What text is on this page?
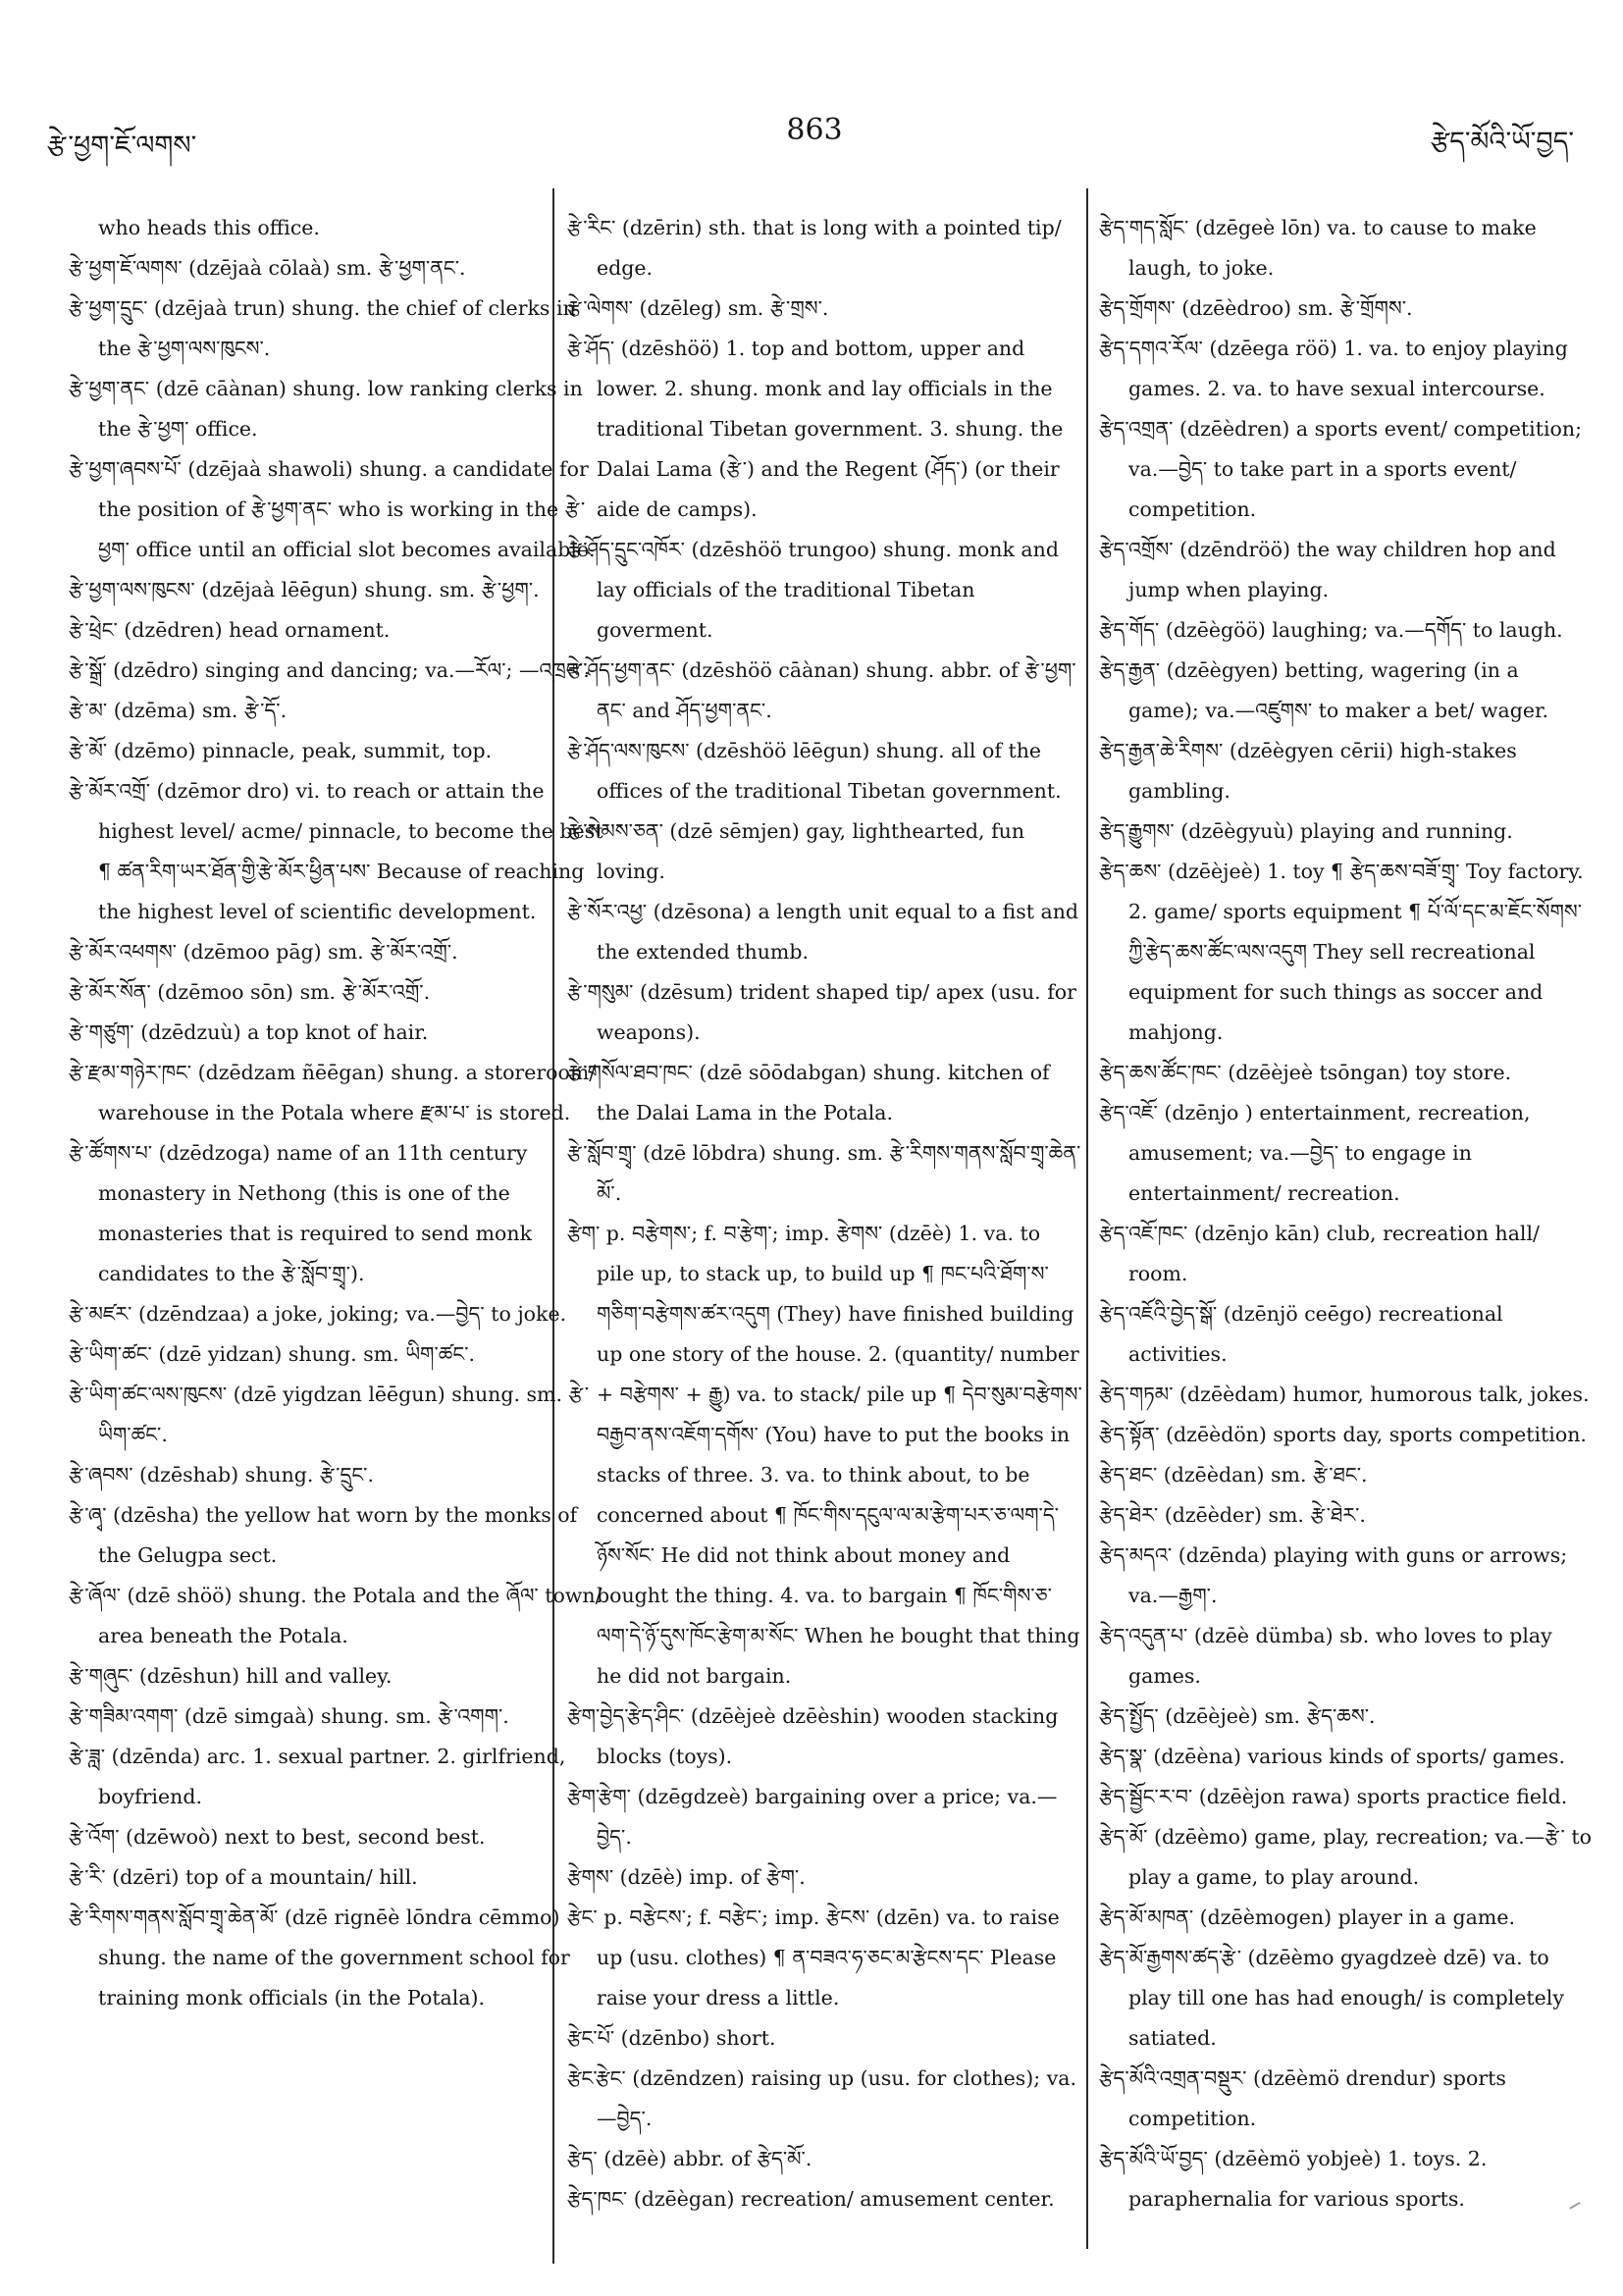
རྩེ་ཕྱག་ཇོ་ལགས་	863	རྩེད་མོའི་ཡོ་བྱད་

who heads this office.

རྩེ་ཕྱག་ཇོ་ལགས་ (dzējaà cōlaà) sm. རྩེ་ཕྱག་ནང་.

རྩེ་ཕྱག་དྲུང་ (dzējaà trun) shung. the chief of clerks in the རྩེ་ཕྱག་ལས་ཁུངས་.

རྩེ་ཕྱག་ནང་ (dzē cāànan) shung. low ranking clerks in the རྩེ་ཕྱག་ office.

རྩེ་ཕྱག་ཞབས་པོ་ (dzējaà shawoli) shung. a candidate for the position of རྩེ་ཕྱག་ནང་ who is working in the རྩེ་ཕྱག་ office until an official slot becomes available.

རྩེ་ཕྱག་ལས་ཁུངས་ (dzējaà lēēgun) shung. sm. རྩེ་ཕྱག་.

རྩེ་ཕྲེང་ (dzēdren) head ornament.

རྩེ་སྒྲོ་ (dzēdro) singing and dancing; va.—རོལ་; —འཁྲབ་.

རྩེ་མ་ (dzēma) sm. རྩེ་དོ་.

རྩེ་མོ་ (dzēmo) pinnacle, peak, summit, top.

རྩེ་མོར་འགྲོ་ (dzēmor dro) vi. to reach or attain the highest level/ acme/ pinnacle, to become the best ¶ ཚན་རིག་ཡར་ཐོན་གྱི་རྩེ་མོར་ཕྱིན་པས་ Because of reaching the highest level of scientific development.

རྩེ་མོར་འཕགས་ (dzēmoo pāg) sm. རྩེ་མོར་འགྲོ་.

རྩེ་མོར་སོན་ (dzēmoo sōn) sm. རྩེ་མོར་འགྲོ་.

རྩེ་གཙུག་ (dzēdzuù) a top knot of hair.

རྩེ་རྫམ་གཉེར་ཁང་ (dzēdzam ñēēgan) shung. a storeroom/ warehouse in the Potala where རྫམ་པ་ is stored.

རྩེ་ཚོགས་པ་ (dzēdzoga) name of an 11th century monastery in Nethong (this is one of the monasteries that is required to send monk candidates to the རྩེ་སློབ་གྲྭ་).

རྩེ་མཛར་ (dzēndzaa) a joke, joking; va.—བྱེད་ to joke.

རྩེ་ཡིག་ཚང་ (dzē yidzan) shung. sm. ཡིག་ཚང་.

རྩེ་ཡིག་ཚང་ལས་ཁུངས་ (dzē yigdzan lēēgun) shung. sm. རྩེ་ཡིག་ཚང་.

རྩེ་ཞབས་ (dzēshab) shung. རྩེ་དྲུང་.

རྩེ་ཞྭ་ (dzēsha) the yellow hat worn by the monks of the Gelugpa sect.

རྩེ་ཞོལ་ (dzē shöö) shung. the Potala and the ཞོལ་ town/ area beneath the Potala.

རྩེ་གཞུང་ (dzēshun) hill and valley.

རྩེ་གཟིམ་འགག་ (dzē simgaà) shung. sm. རྩེ་འགག་.

རྩེ་ཟླ་ (dzēnda) arc. 1. sexual partner. 2. girlfriend, boyfriend.

རྩེ་འོག་ (dzēwoò) next to best, second best.

རྩེ་རི་ (dzēri) top of a mountain/ hill.

རྩེ་རིགས་གནས་སློབ་གྲྭ་ཆེན་མོ་ (dzē rignēè lōndra cēmmo) shung. the name of the government school for training monk officials (in the Potala).

རྩེ་རིང་ (dzērin) sth. that is long with a pointed tip/ edge.

རྩེ་ལེགས་ (dzēleg) sm. རྩེ་གྲས་.

རྩེ་ཤོད་ (dzēshöö) 1. top and bottom, upper and lower. 2. shung. monk and lay officials in the traditional Tibetan government. 3. shung. the Dalai Lama (རྩེ་) and the Regent (ཤོད་) (or their aide de camps).

རྩེ་ཤོད་དྲུང་འཁོར་ (dzēshöö trungoo) shung. monk and lay officials of the traditional Tibetan goverment.

རྩེ་ཤོད་ཕྱག་ནང་ (dzēshöö cāànan) shung. abbr. of རྩེ་ཕྱག་ནང་ and ཤོད་ཕྱག་ནང་.

རྩེ་ཤོད་ལས་ཁུངས་ (dzēshöö lēēgun) shung. all of the offices of the traditional Tibetan government.

རྩེ་སེམས་ཅན་ (dzē sēmjen) gay, lighthearted, fun loving.

རྩེ་སོར་འཕྱ་ (dzēsona) a length unit equal to a fist and the extended thumb.

རྩེ་གསུམ་ (dzēsum) trident shaped tip/ apex (usu. for weapons).

རྩེ་གསོལ་ཐབ་ཁང་ (dzē sōōdabgan) shung. kitchen of the Dalai Lama in the Potala.

རྩེ་སློབ་གྲྭ་ (dzē lōbdra) shung. sm. རྩེ་རིགས་གནས་སློབ་གྲྭ་ཆེན་མོ་.

རྩེག་ p. བརྩེགས་; f. བ་རྩེག་; imp. རྩེགས་ (dzēè) 1. va. to pile up, to stack up, to build up ¶ ཁང་པའི་ཐོག་ས་གཅིག་བརྩེགས་ཚར་འདུག (They) have finished building up one story of the house. 2. (quantity/ number + བརྩེགས་ + རྒྱུ) va. to stack/ pile up ¶ དེབ་སུམ་བརྩེགས་བརྒྱབ་ནས་འཇོག་དགོས་ (You) have to put the books in stacks of three. 3. va. to think about, to be concerned about ¶ ཁོང་གིས་དངུལ་ལ་མ་རྩེག་པར་ཅ་ལག་དེ་ཉོས་སོང་ He did not think about money and bought the thing. 4. va. to bargain ¶ ཁོང་གིས་ཅ་ལག་དེ་ཉོ་དུས་ཁོང་རྩེག་མ་སོང་ When he bought that thing he did not bargain.

རྩེག་བྱེད་རྩེད་ཤིང་ (dzēèjeè dzēèshin) wooden stacking blocks (toys).

རྩེག་རྩེག་ (dzēgdzeè) bargaining over a price; va.—བྱེད་.

རྩེགས་ (dzēè) imp. of རྩེག་.

རྩེང་ p. བརྩེངས་; f. བརྩེང་; imp. རྩེངས་ (dzēn) va. to raise up (usu. clothes) ¶ ན་བཟའ་ཧ་ཅང་མ་རྩེངས་དང་ Please raise your dress a little.

རྩེང་པོ་ (dzēnbo) short.

རྩེང་རྩེང་ (dzēndzen) raising up (usu. for clothes); va.—བྱེད་.

རྩེད་ (dzēè) abbr. of རྩེད་མོ་.

རྩེད་ཁང་ (dzēègan) recreation/ amusement center.

རྩེད་གད་སློང་ (dzēgeè lōn) va. to cause to make laugh, to joke.

རྩེད་གྲོགས་ (dzēèdroo) sm. རྩེ་གྲོགས་.

རྩེད་དགའ་རོལ་ (dzēega röö) 1. va. to enjoy playing games. 2. va. to have sexual intercourse.

རྩེད་འགྲན་ (dzēèdren) a sports event/ competition; va.—བྱེད་ to take part in a sports event/ competition.

རྩེད་འགྲོས་ (dzēndröö) the way children hop and jump when playing.

རྩེད་གོད་ (dzēègöö) laughing; va.—དགོད་ to laugh.

རྩེད་རྒྱན་ (dzēègyen) betting, wagering (in a game); va.—འཛུགས་ to maker a bet/ wager.

རྩེད་རྒྱན་ཆེ་རིགས་ (dzēègyen cērii) high-stakes gambling.

རྩེད་རྒྱུགས་ (dzēègyuù) playing and running.

རྩེད་ཆས་ (dzēèjeè) 1. toy ¶ རྩེད་ཆས་བཟོ་གྲྭ་ Toy factory. 2. game/ sports equipment ¶ པོ་ལོ་དང་མ་ཇོང་སོགས་ཀྱི་རྩེད་ཆས་ཚོང་ལས་འདུག They sell recreational equipment for such things as soccer and mahjong.

རྩེད་ཆས་ཚོང་ཁང་ (dzēèjeè tsōngan) toy store.

རྩེད་འཇོ་ (dzēnjo ) entertainment, recreation, amusement; va.—བྱེད་ to engage in entertainment/ recreation.

རྩེད་འཇོ་ཁང་ (dzēnjo kān) club, recreation hall/ room.

རྩེད་འཇོའི་བྱེད་སྒོ་ (dzēnjö ceēgo) recreational activities.

རྩེད་གཏམ་ (dzēèdam) humor, humorous talk, jokes.

རྩེད་སྟོན་ (dzēèdön) sports day, sports competition.

རྩེད་ཐང་ (dzēèdan) sm. རྩེ་ཐང་.

རྩེད་ཐེར་ (dzēèder) sm. རྩེ་ཐེར་.

རྩེད་མདའ་ (dzēnda) playing with guns or arrows; va.—རྒྱག་.

རྩེད་འདུན་པ་ (dzēè dümba) sb. who loves to play games.

རྩེད་སྤྱོད་ (dzēèjeè) sm. རྩེད་ཆས་.

རྩེད་སྣ་ (dzēèna) various kinds of sports/ games.

རྩེད་སྦྱོང་ར་བ་ (dzēèjon rawa) sports practice field.

རྩེད་མོ་ (dzēèmo) game, play, recreation; va.—རྩེ་ to play a game, to play around.

རྩེད་མོ་མཁན་ (dzēèmogen) player in a game.

རྩེད་མོ་རྒྱགས་ཚད་རྩེ་ (dzēèmo gyagdzeè dzē) va. to play till one has had enough/ is completely satiated.

རྩེད་མོའི་འགྲན་བསྡུར་ (dzēèmö drendur) sports competition.

རྩེད་མོའི་ཡོ་བྱད་ (dzēèmö yobjeè) 1. toys. 2. paraphernalia for various sports.
